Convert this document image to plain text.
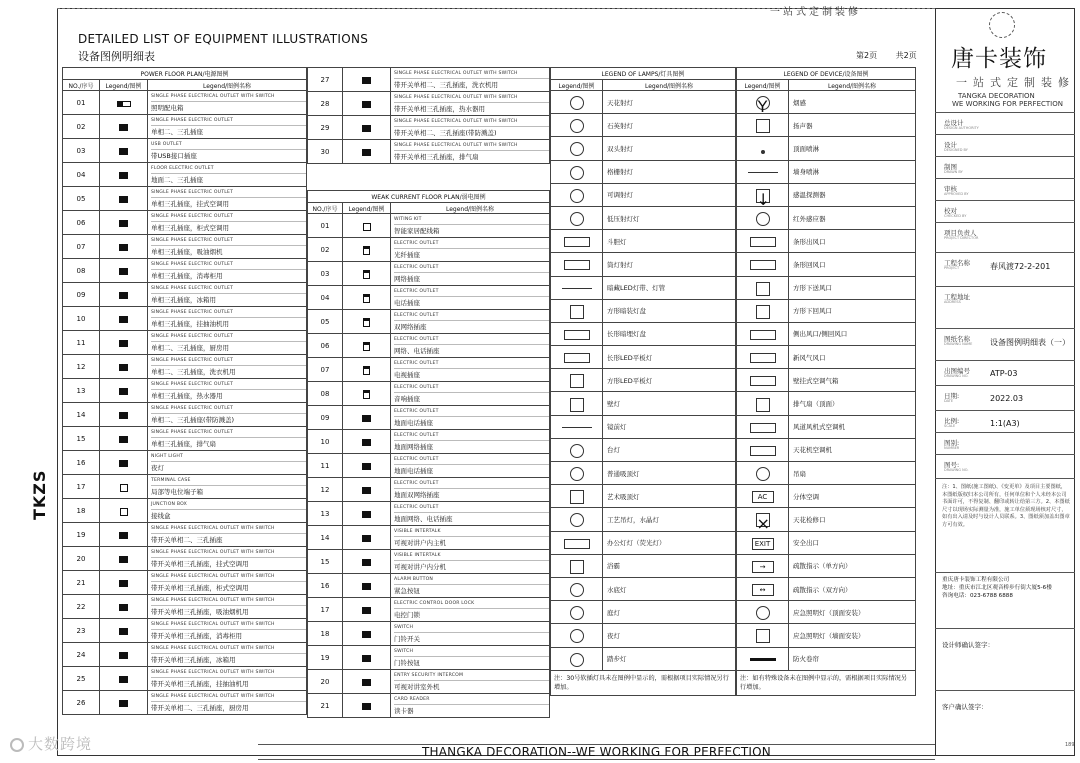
一站式定制装修
DETAILED LIST OF EQUIPMENT ILLUSTRATIONS
设备图例明细表	第2页 共2页
POWER FLOOR PLAN/电源图例		
NO./序号	Legend/图例	Legend/图例名称
01		SINGLE PHASE ELECTRICAL OUTLET WITH SWITCH
照明配电箱

02		SINGLE PHASE ELECTRIC OUTLET
单相二、三孔插座

03		USB OUTLET
带USB接口插座

04		FLOOR ELECTRIC OUTLET
地面二、三孔插座

05		SINGLE PHASE ELECTRIC OUTLET
单相三孔插座，挂式空调用

06		SINGLE PHASE ELECTRIC OUTLET
单相三孔插座，柜式空调用

07		SINGLE PHASE ELECTRIC OUTLET
单相三孔插座，吸油烟机

08		SINGLE PHASE ELECTRIC OUTLET
单相三孔插座，消毒柜用

09		SINGLE PHASE ELECTRIC OUTLET
单相三孔插座，冰箱用

10		SINGLE PHASE ELECTRIC OUTLET
单相三孔插座，挂抽油机用

11		SINGLE PHASE ELECTRIC OUTLET
单相二、三孔插座，厨房用

12		SINGLE PHASE ELECTRIC OUTLET
单相二、三孔插座，洗衣机用

13		SINGLE PHASE ELECTRIC OUTLET
单相三孔插座，热水器用

14		SINGLE PHASE ELECTRIC OUTLET
单相二、三孔插座(带防溅盖)

15		SINGLE PHASE ELECTRIC OUTLET
单相三孔插座，排气扇

16		NIGHT LIGHT
夜灯

17		TERMINAL CASE
局部等电位端子箱

18		JUNCTION BOX
接线盒

19		SINGLE PHASE ELECTRICAL OUTLET WITH SWITCH
带开关单相二、三孔插座

20		SINGLE PHASE ELECTRICAL OUTLET WITH SWITCH
带开关单相三孔插座，挂式空调用

21		SINGLE PHASE ELECTRICAL OUTLET WITH SWITCH
带开关单相三孔插座，柜式空调用

22		SINGLE PHASE ELECTRICAL OUTLET WITH SWITCH
带开关单相三孔插座，吸油烟机用

23		SINGLE PHASE ELECTRICAL OUTLET WITH SWITCH
带开关单相三孔插座，消毒柜用

24		SINGLE PHASE ELECTRICAL OUTLET WITH SWITCH
带开关单相三孔插座，冰箱用

25		SINGLE PHASE ELECTRICAL OUTLET WITH SWITCH
带开关单相三孔插座，挂抽油机用

26		SINGLE PHASE ELECTRICAL OUTLET WITH SWITCH
带开关单相二、三孔插座，厨房用
27		SINGLE PHASE ELECTRICAL OUTLET WITH SWITCH
带开关单相二、三孔插座，洗衣机用

28		SINGLE PHASE ELECTRICAL OUTLET WITH SWITCH
带开关单相三孔插座，热水器用

29		SINGLE PHASE ELECTRICAL OUTLET WITH SWITCH
带开关单相二、三孔插座(带防溅盖)

30		SINGLE PHASE ELECTRICAL OUTLET WITH SWITCH
带开关单相三孔插座，排气扇
WEAK CURRENT FLOOR PLAN/弱电图例		
NO./序号	Legend/图例	Legend/图例名称
01		WITING KIT
智能家居配线箱

02		ELECTRIC OUTLET
光纤插座

03		ELECTRIC OUTLET
网络插座

04		ELECTRIC OUTLET
电话插座

05		ELECTRIC OUTLET
双网络插座

06		ELECTRIC OUTLET
网络、电话插座

07		ELECTRIC OUTLET
电视插座

08		ELECTRIC OUTLET
音响插座

09		ELECTRIC OUTLET
地面电话插座

10		ELECTRIC OUTLET
地面网络插座

11		ELECTRIC OUTLET
地面电话插座

12		ELECTRIC OUTLET
地面双网络插座

13		ELECTRIC OUTLET
地面网络、电话插座

14		VISIBLE INTERTALK
可视对讲户内主机

15		VISIBLE INTERTALK
可视对讲户内分机

16		ALARM BUTTON
紧急按钮

17		ELECTRIC CONTROL DOOR LOCK
电控门锁

18		SWITCH
门铃开关

19		SWITCH
门铃按钮

20		ENTRY SECURITY INTERCOM
可视对讲室外机

21		CARD READER
读卡器
LEGEND OF LAMPS/灯具图例	
Legend/图例	Legend/图例名称
	天花射灯
	石英射灯
	双头射灯
	格栅射灯
	可调射灯
	低压射灯灯
	斗胆灯
	筒灯射灯
	暗藏LED灯带、灯管
	方形暗装灯盘
	长形暗埋灯盘
	长形LED平板灯
	方形LED平板灯
	壁灯
	镜前灯
	台灯
	普通吸顶灯
	艺术吸顶灯
	工艺吊灯，水晶灯
	办公灯灯（荧光灯）
	浴霸
	水底灯
	庭灯
	夜灯
	踏步灯
注：30号软插灯具未在图例中显示的，需根据项目实际情况另行增加。	
LEGEND OF DEVICE/设备图例	
Legend/图例	Legend/图例名称
Y	烟感
	扬声器
	顶面喷淋
	墙身喷淋
↓	感温探测器
	红外感应器
	条形出风口
	条形回风口
	方形下送风口
	方形下回风口
	侧出风口/侧回风口
	新风气风口
	壁挂式空调气箱
	排气扇（顶面）
	风道风机式空调机
	天花机空调机
	吊扇
AC	分体空调
×	天花检修口
EXIT	安全出口
→	疏散指示（单方向）
↔	疏散指示（双方向）
	应急照明灯（顶面安装）
	应急照明灯（墙面安装）
	防火卷帘
注：如有特殊设备未在图例中显示的，需根据项目实际情况另行增加。	
TKZS
THANGKA DECORATION--WE WORKING FOR PERFECTION
大数跨境	189
唐卡装饰
一站式定制装修
TANGKA DECORATION
WE WORKING FOR PERFECTION
总设计
DESIGN AUTHORITY
设计
DESIGNED BY
制图
DRAWN BY
审核
APPROVED BY
校对
CHECKED BY
项目负责人
PROJECT DIRECTOR
工程名称
PROJECT	春风渡72-2-201
工程地址
ADDRESS
图纸名称
DRAWING NAME 设备图例明细表（一）
出图编号
DRAWING NO.	ATP-03
日期:
DATE	2022.03
比例:
SCALE	1:1(A3)
图别:
NUMBER
图号:
DRAWING NO.
注：1、图纸(施工图纸)、《变更单》及项目主要图纸，本图纸版权归本公司所有，任何单位和个人未经本公司书面许可，不得复制、翻印或转让给第三方。2、本图纸尺寸以现场实际测量为准，施工单位须现场核对尺寸，如有出入请及时与设计人员联系。3、图纸须加盖出图章方可有效。
重庆唐卡装饰工程有限公司
地址：重庆市江北区观音桥步行街大厦5-6楼
咨询电话：023-6788 6888
设计师确认签字：
客户确认签字：
